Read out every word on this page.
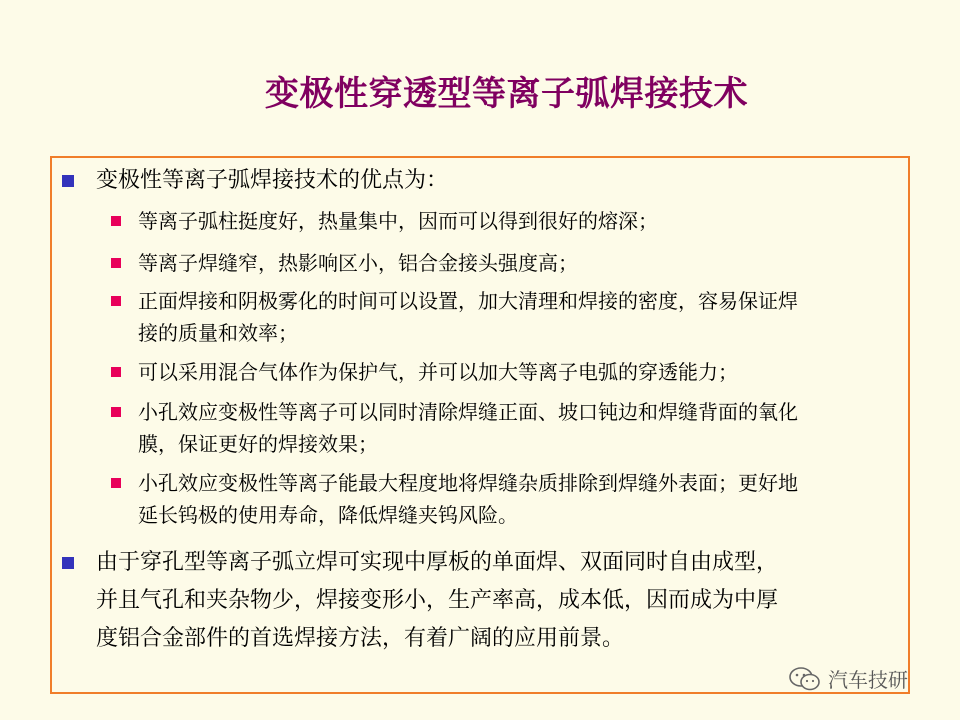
变极性穿透型等离子弧焊接技术
变极性等离子弧焊接技术的优点为：
等离子弧柱挺度好，热量集中，因而可以得到很好的熔深；
等离子焊缝窄，热影响区小，铝合金接头强度高；
正面焊接和阴极雾化的时间可以设置，加大清理和焊接的密度，容易保证焊
接的质量和效率；
可以采用混合气体作为保护气，并可以加大等离子电弧的穿透能力；
小孔效应变极性等离子可以同时清除焊缝正面、坡口钝边和焊缝背面的氧化
膜，保证更好的焊接效果；
小孔效应变极性等离子能最大程度地将焊缝杂质排除到焊缝外表面；更好地
延长钨极的使用寿命，降低焊缝夹钨风险。
由于穿孔型等离子弧立焊可实现中厚板的单面焊、双面同时自由成型，
并且气孔和夹杂物少，焊接变形小，生产率高，成本低，因而成为中厚
度铝合金部件的首选焊接方法，有着广阔的应用前景。
汽车技研
